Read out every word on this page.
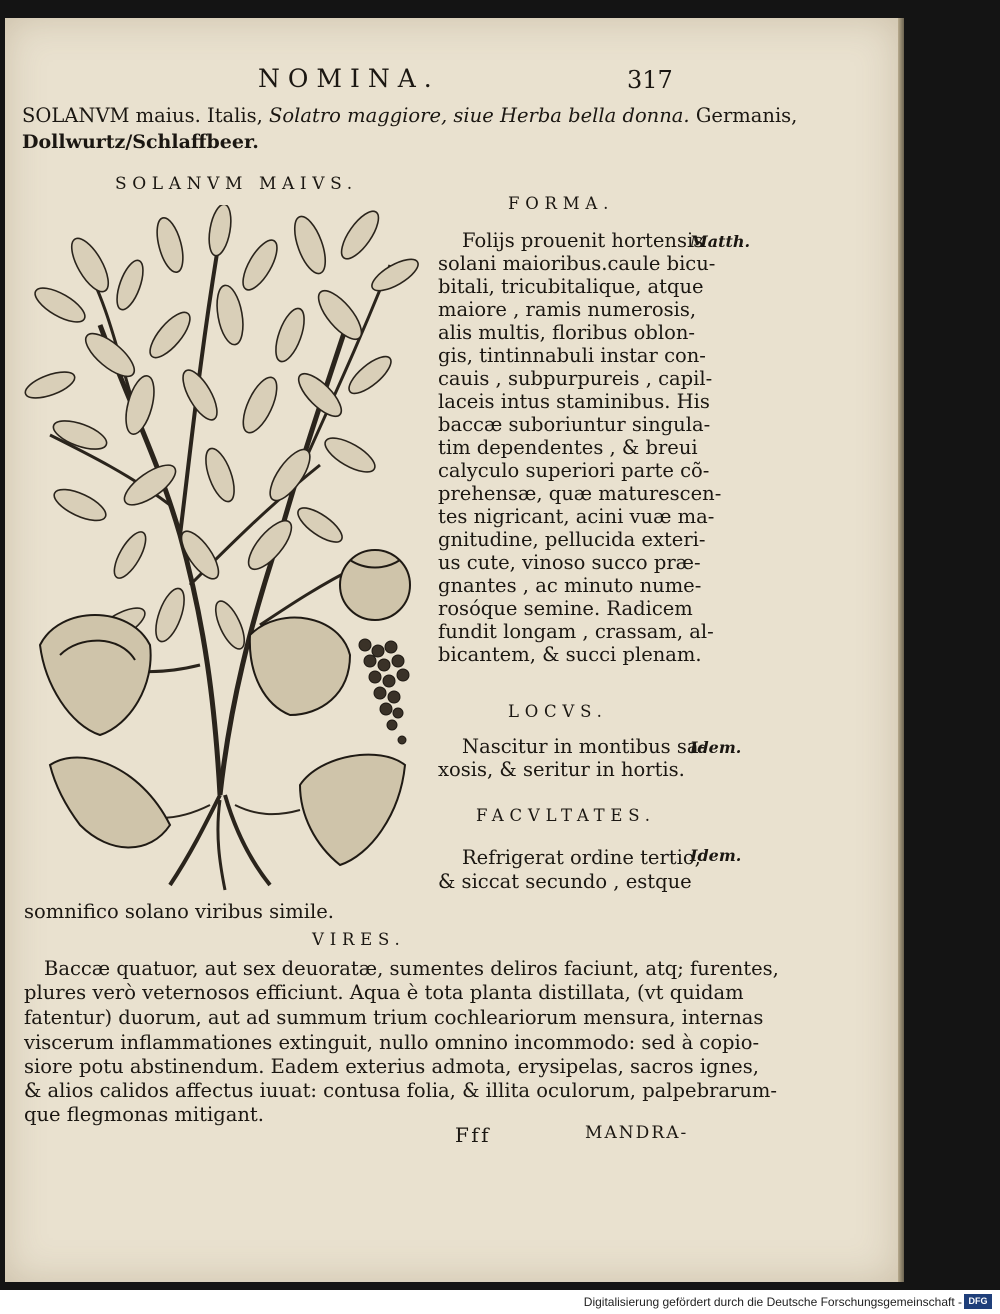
NOMINA.	317
SOLANVM maius. Italis, Solatro maggiore, siue Herba bella donna. Germanis,
Dollwurtz/Schlaffbeer.
SOLANVM MAIVS.
FORMA.
Matth.
Folijs prouenit hortensis
solani maioribus.caule bicu-
bitali, tricubitalique, atque
maiore , ramis numerosis,
alis multis, floribus oblon-
gis, tintinnabuli instar con-
cauis , subpurpureis , capil-
laceis intus staminibus. His
baccæ suboriuntur singula-
tim dependentes , & breui
calyculo superiori parte cõ-
prehensæ, quæ maturescen-
tes nigricant, acini vuæ ma-
gnitudine, pellucida exteri-
us cute, vinoso succo præ-
gnantes , ac minuto nume-
rosóque semine. Radicem
fundit longam , crassam, al-
bicantem, & succi plenam.
LOCVS.
Idem.
Nascitur in montibus sa-
xosis, & seritur in hortis.
FACVLTATES.
Idem.
Refrigerat ordine tertio,
& siccat secundo , estque
somnifico solano viribus simile.
VIRES.
Baccæ quatuor, aut sex deuoratæ, sumentes deliros faciunt, atq; furentes,
plures verò veternosos efficiunt. Aqua è tota planta distillata, (vt quidam
fatentur) duorum, aut ad summum trium cochleariorum mensura, internas
viscerum inflammationes extinguit, nullo omnino incommodo: sed à copio-
siore potu abstinendum. Eadem exterius admota, erysipelas, sacros ignes,
& alios calidos affectus iuuat: contusa folia, & illita oculorum, palpebrarum-
que flegmonas mitigant.
Fff	MANDRA-
Digitalisierung gefördert durch die Deutsche Forschungsgemeinschaft - DFG
